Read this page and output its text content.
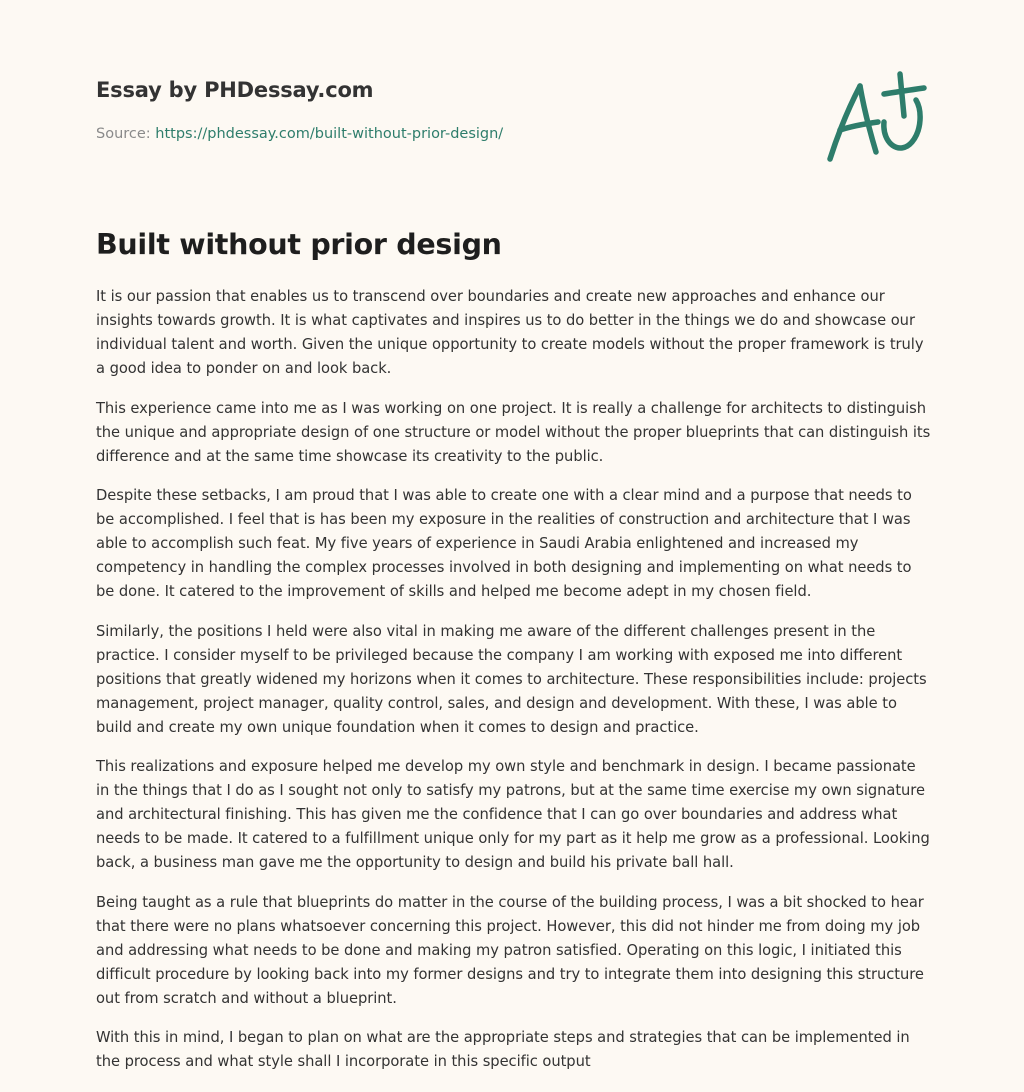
Essay by PHDessay.com
Source: https://phdessay.com/built-without-prior-design/
Built without prior design

It is our passion that enables us to transcend over boundaries and create new approaches and enhance our insights towards growth. It is what captivates and inspires us to do better in the things we do and showcase our individual talent and worth. Given the unique opportunity to create models without the proper framework is truly a good idea to ponder on and look back.

This experience came into me as I was working on one project. It is really a challenge for architects to distinguish the unique and appropriate design of one structure or model without the proper blueprints that can distinguish its difference and at the same time showcase its creativity to the public.

Despite these setbacks, I am proud that I was able to create one with a clear mind and a purpose that needs to be accomplished. I feel that is has been my exposure in the realities of construction and architecture that I was able to accomplish such feat. My five years of experience in Saudi Arabia enlightened and increased my competency in handling the complex processes involved in both designing and implementing on what needs to be done. It catered to the improvement of skills and helped me become adept in my chosen field.

Similarly, the positions I held were also vital in making me aware of the different challenges present in the practice. I consider myself to be privileged because the company I am working with exposed me into different positions that greatly widened my horizons when it comes to architecture. These responsibilities include: projects management, project manager, quality control, sales, and design and development. With these, I was able to build and create my own unique foundation when it comes to design and practice.

This realizations and exposure helped me develop my own style and benchmark in design. I became passionate in the things that I do as I sought not only to satisfy my patrons, but at the same time exercise my own signature and architectural finishing. This has given me the confidence that I can go over boundaries and address what needs to be made. It catered to a fulfillment unique only for my part as it help me grow as a professional. Looking back, a business man gave me the opportunity to design and build his private ball hall.

Being taught as a rule that blueprints do matter in the course of the building process, I was a bit shocked to hear that there were no plans whatsoever concerning this project. However, this did not hinder me from doing my job and addressing what needs to be done and making my patron satisfied. Operating on this logic, I initiated this difficult procedure by looking back into my former designs and try to integrate them into designing this structure out from scratch and without a blueprint.

With this in mind, I began to plan on what are the appropriate steps and strategies that can be implemented in the process and what style shall I incorporate in this specific output
